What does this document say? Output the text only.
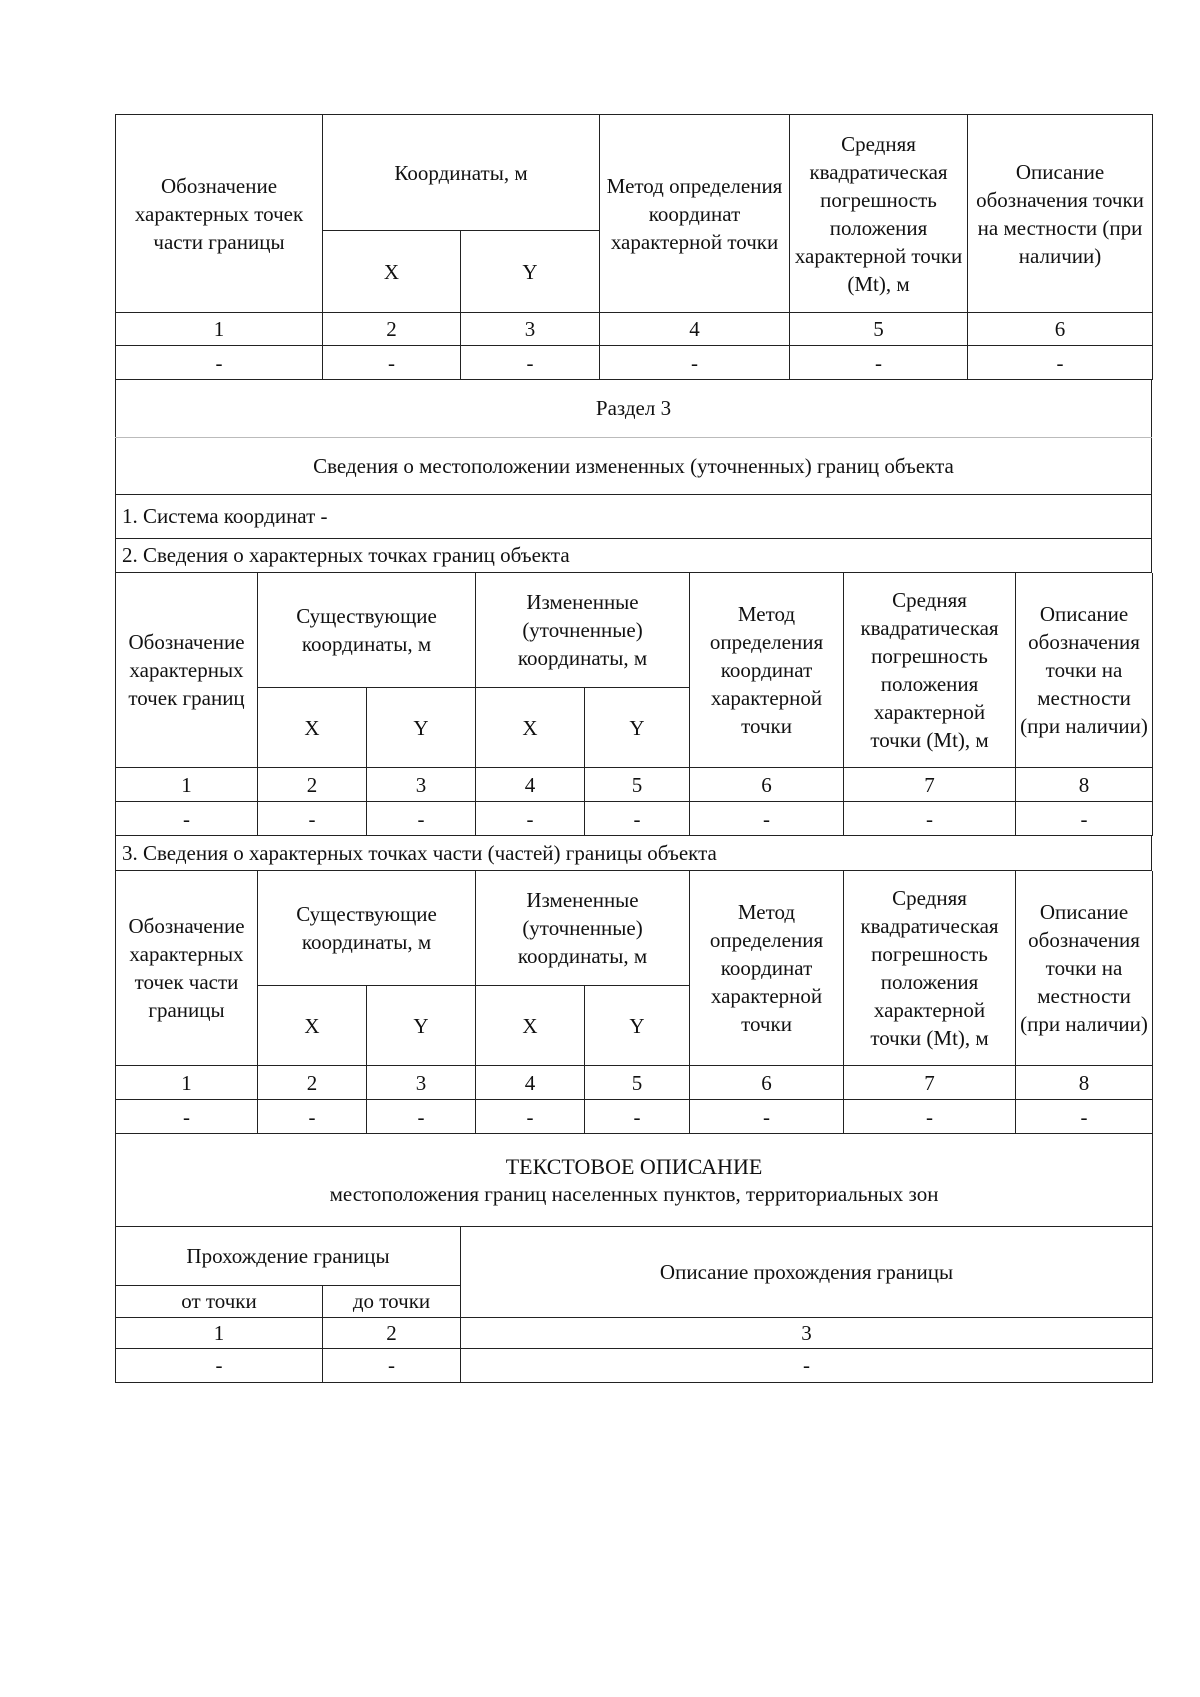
Обозначение характерных точек части границы	Координаты, м		Метод определения координат характерной точки	Средняя квадратическая погрешность положения характерной точки (Mt), м	Описание обозначения точки на местности (при наличии)
	X	Y			
1	2	3	4	5	6
-	-	-	-	-	-
Раздел 3
Сведения о местоположении измененных (уточненных) границ объекта
1. Система координат -
2. Сведения о характерных точках границ объекта
Обозначение характерных точек границ	Существующие координаты, м		Измененные (уточненные) координаты, м		Метод определения координат характерной точки	Средняя квадратическая погрешность положения характерной точки (Mt), м	Описание обозначения точки на местности (при наличии)
	X	Y	X	Y			
1	2	3	4	5	6	7	8
-	-	-	-	-	-	-	-
3. Сведения о характерных точках части (частей) границы объекта
Обозначение характерных точек части границы	Существующие координаты, м		Измененные (уточненные) координаты, м		Метод определения координат характерной точки	Средняя квадратическая погрешность положения характерной точки (Mt), м	Описание обозначения точки на местности (при наличии)
	X	Y	X	Y			
1	2	3	4	5	6	7	8
-	-	-	-	-	-	-	-
ТЕКСТОВОЕ ОПИСАНИЕ
местоположения границ населенных пунктов, территориальных зон		

Прохождение границы		Описание прохождения границы
от точки	до точки	
1	2	3
-	-	-
